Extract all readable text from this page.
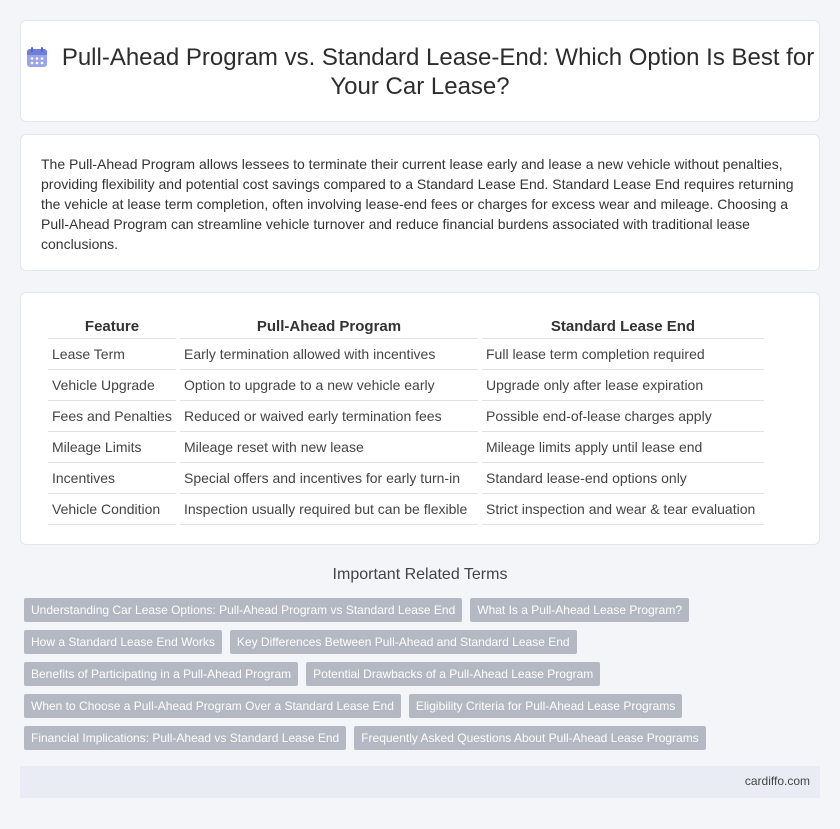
Pull-Ahead Program vs. Standard Lease-End: Which Option Is Best for Your Car Lease?

The Pull-Ahead Program allows lessees to terminate their current lease early and lease a new vehicle without penalties, providing flexibility and potential cost savings compared to a Standard Lease End. Standard Lease End requires returning the vehicle at lease term completion, often involving lease-end fees or charges for excess wear and mileage. Choosing a Pull-Ahead Program can streamline vehicle turnover and reduce financial burdens associated with traditional lease conclusions.

Feature	Pull-Ahead Program	Standard Lease End
Lease Term	Early termination allowed with incentives	Full lease term completion required
Vehicle Upgrade	Option to upgrade to a new vehicle early	Upgrade only after lease expiration
Fees and Penalties	Reduced or waived early termination fees	Possible end-of-lease charges apply
Mileage Limits	Mileage reset with new lease	Mileage limits apply until lease end
Incentives	Special offers and incentives for early turn-in	Standard lease-end options only
Vehicle Condition	Inspection usually required but can be flexible	Strict inspection and wear & tear evaluation
Important Related Terms
Understanding Car Lease Options: Pull-Ahead Program vs Standard Lease End	What Is a Pull-Ahead Lease Program?
How a Standard Lease End Works	Key Differences Between Pull-Ahead and Standard Lease End
Benefits of Participating in a Pull-Ahead Program	Potential Drawbacks of a Pull-Ahead Lease Program
When to Choose a Pull-Ahead Program Over a Standard Lease End	Eligibility Criteria for Pull-Ahead Lease Programs
Financial Implications: Pull-Ahead vs Standard Lease End	Frequently Asked Questions About Pull-Ahead Lease Programs
cardiffo.com
